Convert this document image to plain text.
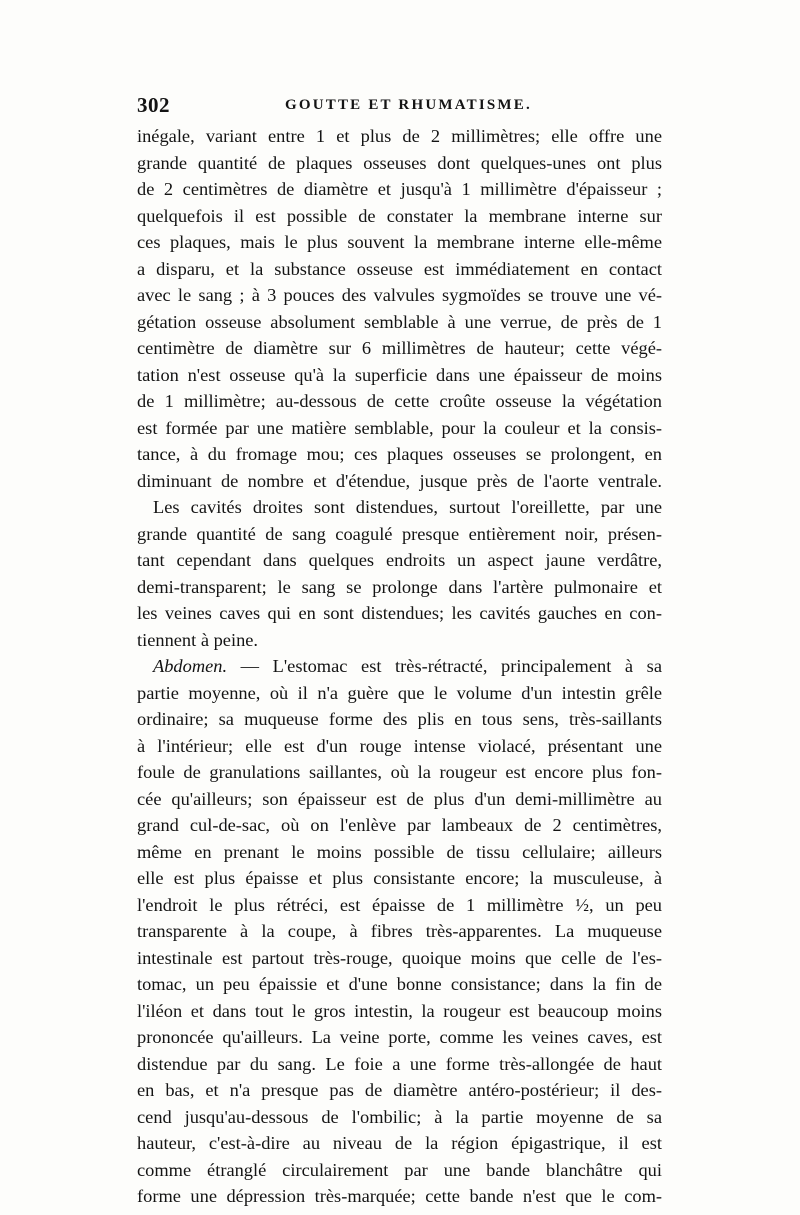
302	GOUTTE ET RHUMATISME.
inégale, variant entre 1 et plus de 2 millimètres; elle offre une
grande quantité de plaques osseuses dont quelques-unes ont plus
de 2 centimètres de diamètre et jusqu'à 1 millimètre d'épaisseur ;
quelquefois il est possible de constater la membrane interne sur
ces plaques, mais le plus souvent la membrane interne elle-même
a disparu, et la substance osseuse est immédiatement en contact
avec le sang ; à 3 pouces des valvules sygmoïdes se trouve une vé-
gétation osseuse absolument semblable à une verrue, de près de 1
centimètre de diamètre sur 6 millimètres de hauteur; cette végé-
tation n'est osseuse qu'à la superficie dans une épaisseur de moins
de 1 millimètre; au-dessous de cette croûte osseuse la végétation
est formée par une matière semblable, pour la couleur et la consis-
tance, à du fromage mou; ces plaques osseuses se prolongent, en
diminuant de nombre et d'étendue, jusque près de l'aorte ventrale.
Les cavités droites sont distendues, surtout l'oreillette, par une
grande quantité de sang coagulé presque entièrement noir, présen-
tant cependant dans quelques endroits un aspect jaune verdâtre,
demi-transparent; le sang se prolonge dans l'artère pulmonaire et
les veines caves qui en sont distendues; les cavités gauches en con-
tiennent à peine.
Abdomen. — L'estomac est très-rétracté, principalement à sa
partie moyenne, où il n'a guère que le volume d'un intestin grêle
ordinaire; sa muqueuse forme des plis en tous sens, très-saillants
à l'intérieur; elle est d'un rouge intense violacé, présentant une
foule de granulations saillantes, où la rougeur est encore plus fon-
cée qu'ailleurs; son épaisseur est de plus d'un demi-millimètre au
grand cul-de-sac, où on l'enlève par lambeaux de 2 centimètres,
même en prenant le moins possible de tissu cellulaire; ailleurs
elle est plus épaisse et plus consistante encore; la musculeuse, à
l'endroit le plus rétréci, est épaisse de 1 millimètre ½, un peu
transparente à la coupe, à fibres très-apparentes. La muqueuse
intestinale est partout très-rouge, quoique moins que celle de l'es-
tomac, un peu épaissie et d'une bonne consistance; dans la fin de
l'iléon et dans tout le gros intestin, la rougeur est beaucoup moins
prononcée qu'ailleurs. La veine porte, comme les veines caves, est
distendue par du sang. Le foie a une forme très-allongée de haut
en bas, et n'a presque pas de diamètre antéro-postérieur; il des-
cend jusqu'au-dessous de l'ombilic; à la partie moyenne de sa
hauteur, c'est-à-dire au niveau de la région épigastrique, il est
comme étranglé circulairement par une bande blanchâtre qui
forme une dépression très-marquée; cette bande n'est que le com-
